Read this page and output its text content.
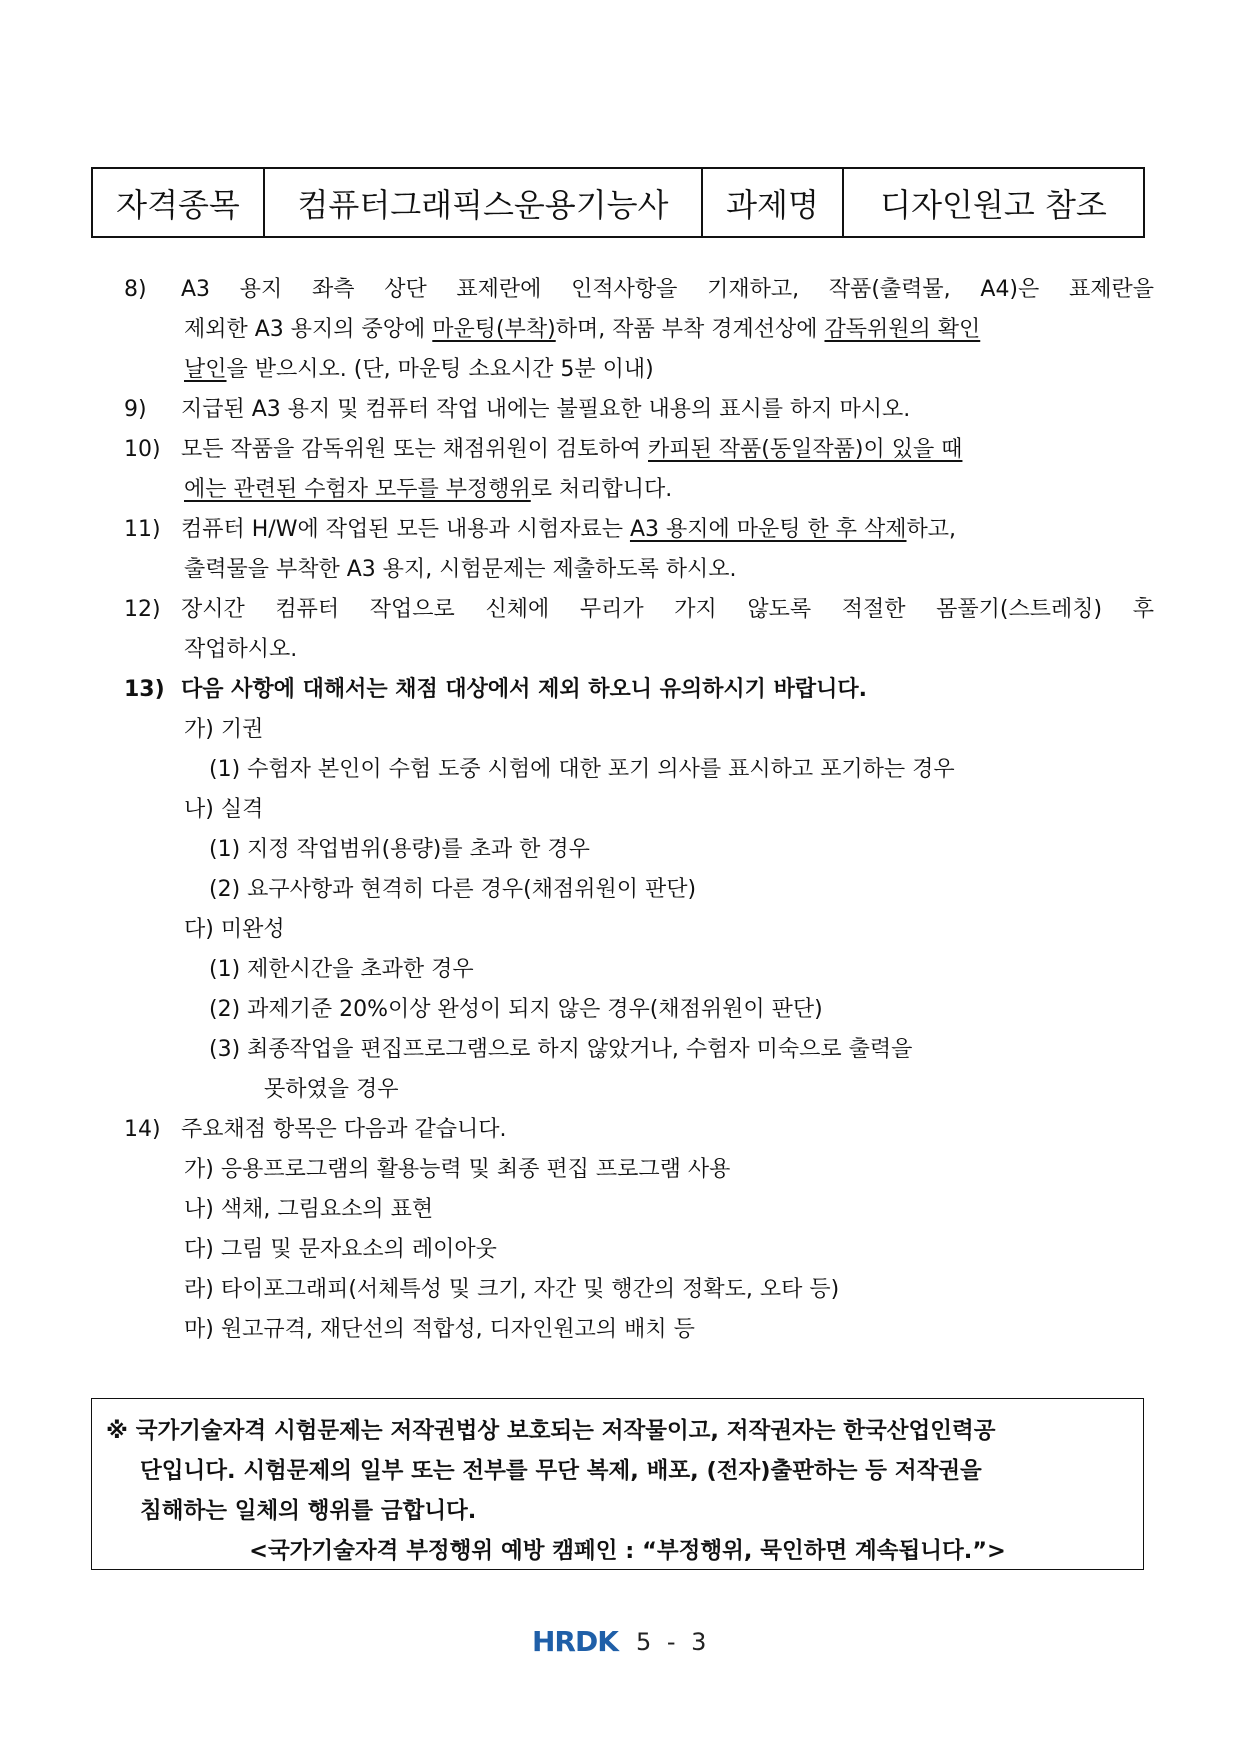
자격종목	컴퓨터그래픽스운용기능사	과제명	디자인원고 참조
8)	A3 용지 좌측 상단 표제란에 인적사항을 기재하고, 작품(출력물, A4)은 표제란을
제외한 A3 용지의 중앙에 마운팅(부착) 하며, 작품 부착 경계선상에 감독위원의 확인
날인을 받으시오. (단, 마운팅 소요시간 5분 이내)
9) 지급된 A3 용지 및 컴퓨터 작업 내에는 불필요한 내용의 표시를 하지 마시오.
10) 모든 작품을 감독위원 또는 채점위원이 검토하여 카피된 작품(동일작품)이 있을 때
에는 관련된 수험자 모두를 부정행위로 처리합니다.
11) 컴퓨터 H/W에 작업된 모든 내용과 시험자료는 A3 용지에 마운팅 한 후 삭제 하고,
출력물을 부착한 A3 용지, 시험문제는 제출하도록 하시오.
12) 장시간 컴퓨터 작업으로 신체에 무리가 가지 않도록 적절한 몸풀기(스트레칭) 후
작업하시오.
13) 다음 사항에 대해서는 채점 대상에서 제외 하오니 유의하시기 바랍니다.
가) 기권
(1) 수험자 본인이 수험 도중 시험에 대한 포기 의사를 표시하고 포기하는 경우
나) 실격
(1) 지정 작업범위(용량)를 초과 한 경우
(2) 요구사항과 현격히 다른 경우(채점위원이 판단)
다) 미완성
(1) 제한시간을 초과한 경우
(2) 과제기준 20%이상 완성이 되지 않은 경우(채점위원이 판단)
(3) 최종작업을 편집프로그램으로 하지 않았거나, 수험자 미숙으로 출력을
못하였을 경우
14) 주요채점 항목은 다음과 같습니다.
가) 응용프로그램의 활용능력 및 최종 편집 프로그램 사용
나) 색채, 그림요소의 표현
다) 그림 및 문자요소의 레이아웃
라) 타이포그래피(서체특성 및 크기, 자간 및 행간의 정확도, 오타 등)
마) 원고규격, 재단선의 적합성, 디자인원고의 배치 등
※ 국가기술자격 시험문제는 저작권법상 보호되는 저작물이고, 저작권자는 한국산업인력공
단입니다. 시험문제의 일부 또는 전부를 무단 복제, 배포, (전자)출판하는 등 저작권을
침해하는 일체의 행위를 금합니다.
<국가기술자격 부정행위 예방 캠페인 : “부정행위, 묵인하면 계속됩니다.”>
HRDK 5 - 3
